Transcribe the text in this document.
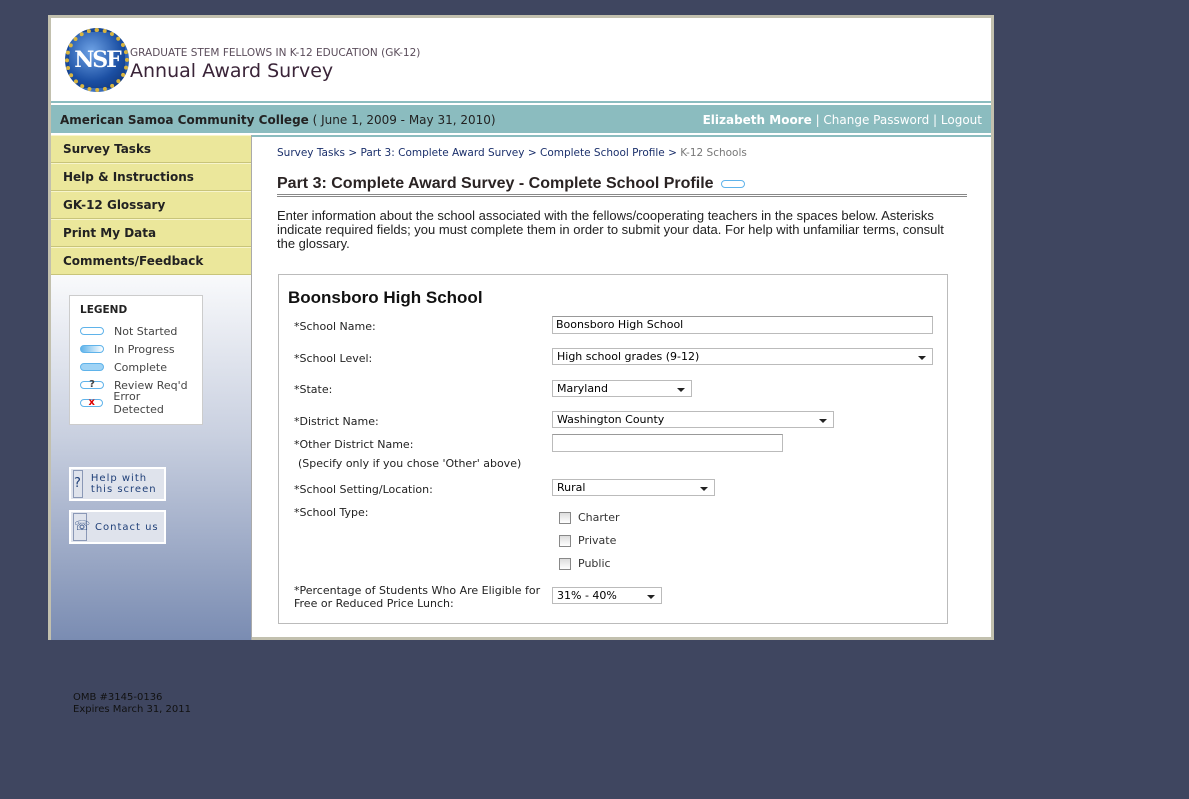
NSF GRADUATE STEM FELLOWS IN K-12 EDUCATION (GK-12)
Annual Award Survey
American Samoa Community College ( June 1, 2009 - May 31, 2010)	Elizabeth Moore | Change Password | Logout
Survey Tasks
Help & Instructions
GK-12 Glossary
Print My Data
Comments/Feedback
LEGEND
Not Started
In Progress
Complete
?	Review Req'd
x	Error Detected
? Help with this screen
☏ Contact us
Survey Tasks > Part 3: Complete Award Survey > Complete School Profile > K-12 Schools
Part 3: Complete Award Survey - Complete School Profile
Enter information about the school associated with the fellows/cooperating teachers in the spaces below. Asterisks indicate required fields; you must complete them in order to submit your data. For help with unfamiliar terms, consult the glossary.
Boonsboro High School
*School Name:	Boonsboro High School
*School Level:	High school grades (9-12)
*State:	Maryland
*District Name:	Washington County
*Other District Name:
(Specify only if you chose 'Other' above)
*School Setting/Location:	Rural
*School Type:	Charter
Private
Public
*Percentage of Students Who Are Eligible for Free or Reduced Price Lunch:
31% - 40%
OMB #3145-0136
Expires March 31, 2011
